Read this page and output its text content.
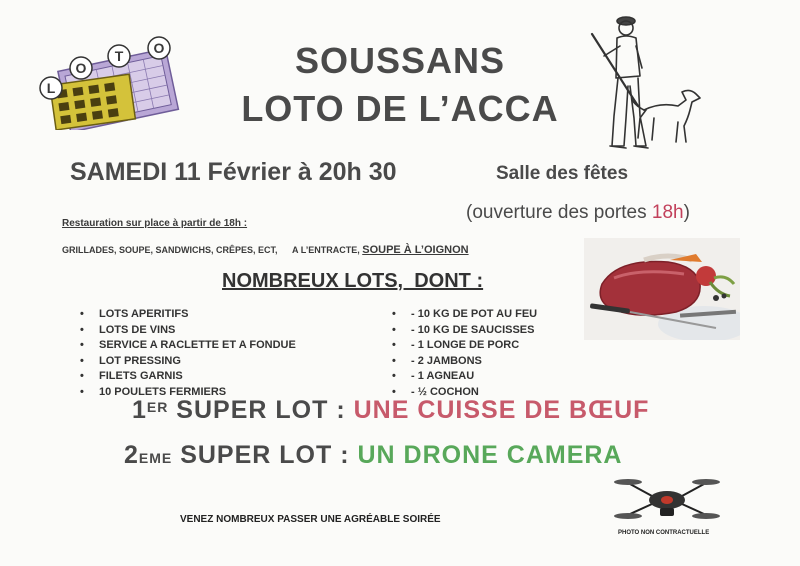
L
O
T O	SOUSSANS
LOTO DE L’ACCA
SAMEDI 11 Février à 20h 30	Salle des fêtes
(ouverture des portes 18h)
Restauration sur place à partir de 18h :
GRILLADES, SOUPE, SANDWICHS, CRÊPES, ECT, A L’ENTRACTE, SOUPE À L’OIGNON
NOMBREUX LOTS,  DONT :
• LOTS APERITIFS
• LOTS DE VINS
• SERVICE A RACLETTE ET A FONDUE
• LOT PRESSING
• FILETS GARNIS
• 10 POULETS FERMIERS
• - 10 KG DE POT AU FEU
• - 10 KG DE SAUCISSES
• - 1 LONGE DE PORC
• - 2 JAMBONS
• - 1 AGNEAU
• - ½ COCHON
1ER SUPER LOT : UNE CUISSE DE BŒUF
2EME SUPER LOT : UN DRONE CAMERA
PHOTO NON CONTRACTUELLE
VENEZ NOMBREUX PASSER UNE AGRÉABLE SOIRÉE
